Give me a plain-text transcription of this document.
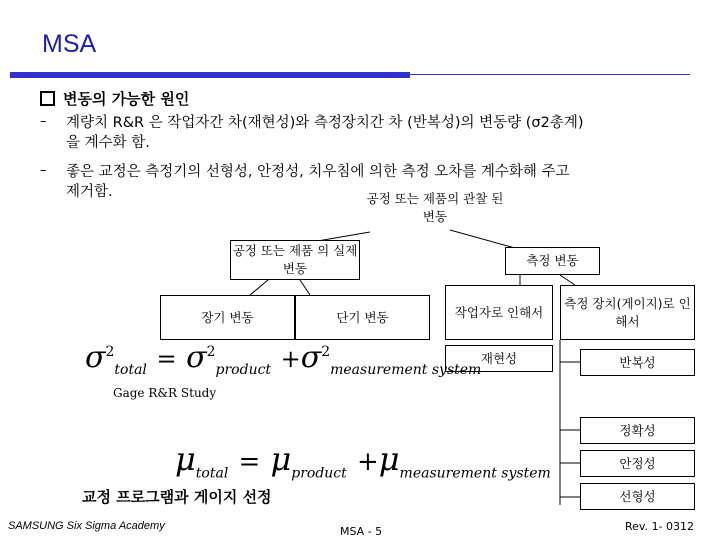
MSA
변동의 가능한 원인
– 계량치 R&R 은 작업자간 차(재현성)와 측정장치간 차 (반복성)의 변동량 (σ2총계)
을 계수화 함.
– 좋은 교정은 측정기의 선형성, 안정성, 치우침에 의한 측정 오차를 계수화해 주고
제거함.	공정 또는 제품의 관찰 된 변동
공정 또는 제품 의 실제 변동
측정 변동
장기 변동	단기 변동	작업자로 인해서
측정 장치(게이지)로 인해서
재현성	반복성
정확성
안정성
선형성
$\sigma^2_{total} = \sigma^2_{product} +\sigma^2_{measurement system}$
Gage R&R Study
$\mu_{total} = \mu_{product} +\mu_{measurement system}$
교정 프로그램과 게이지 선정
SAMSUNG Six Sigma Academy	MSA - 5	Rev. 1- 0312
